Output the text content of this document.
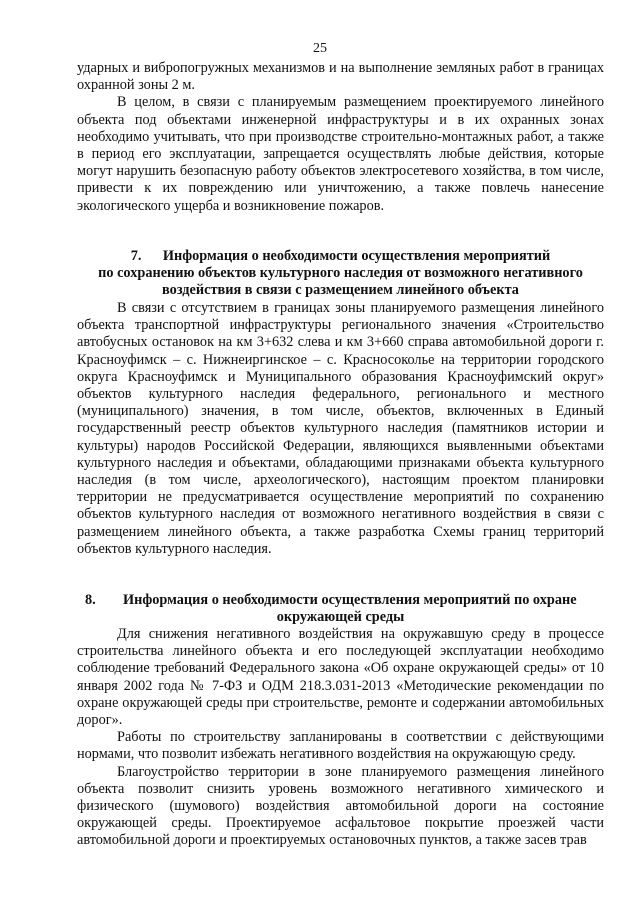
25

ударных и вибропогружных механизмов и на выполнение земляных работ в границах охранной зоны 2 м.

В целом, в связи с планируемым размещением проектируемого линейного объекта под объектами инженерной инфраструктуры и в их охранных зонах необходимо учитывать, что при производстве строительно-монтажных работ, а также в период его эксплуатации, запрещается осуществлять любые действия, которые могут нарушить безопасную работу объектов электросетевого хозяйства, в том числе, привести к их повреждению или уничтожению, а также повлечь нанесение экологического ущерба и возникновение пожаров.

7. Информация о необходимости осуществления мероприятий

по сохранению объектов культурного наследия от возможного негативного

воздействия в связи с размещением линейного объекта

В связи с отсутствием в границах зоны планируемого размещения линейного объекта транспортной инфраструктуры регионального значения «Строительство автобусных остановок на км 3+632 слева и км 3+660 справа автомобильной дороги г. Красноуфимск – с. Нижнеиргинское – с. Красносоколье на территории городского округа Красноуфимск и Муниципального образования Красноуфимский округ» объектов культурного наследия федерального, регионального и местного (муниципального) значения, в том числе, объектов, включенных в Единый государственный реестр объектов культурного наследия (памятников истории и культуры) народов Российской Федерации, являющихся выявленными объектами культурного наследия и объектами, обладающими признаками объекта культурного наследия (в том числе, археологического), настоящим проектом планировки территории не предусматривается осуществление мероприятий по сохранению объектов культурного наследия от возможного негативного воздействия в связи с размещением линейного объекта, а также разработка Схемы границ территорий объектов культурного наследия.

8.	Информация о необходимости осуществления мероприятий по охране
окружающей среды

Для снижения негативного воздействия на окружавшую среду в процессе строительства линейного объекта и его последующей эксплуатации необходимо соблюдение требований Федерального закона «Об охране окружающей среды» от 10 января 2002 года № 7-ФЗ и ОДМ 218.3.031-2013 «Методические рекомендации по охране окружающей среды при строительстве, ремонте и содержании автомобильных дорог».

Работы по строительству запланированы в соответствии с действующими нормами, что позволит избежать негативного воздействия на окружающую среду.

Благоустройство территории в зоне планируемого размещения линейного объекта позволит снизить уровень возможного негативного химического и физического (шумового) воздействия автомобильной дороги на состояние окружающей среды. Проектируемое асфальтовое покрытие проезжей части автомобильной дороги и проектируемых остановочных пунктов, а также засев трав
